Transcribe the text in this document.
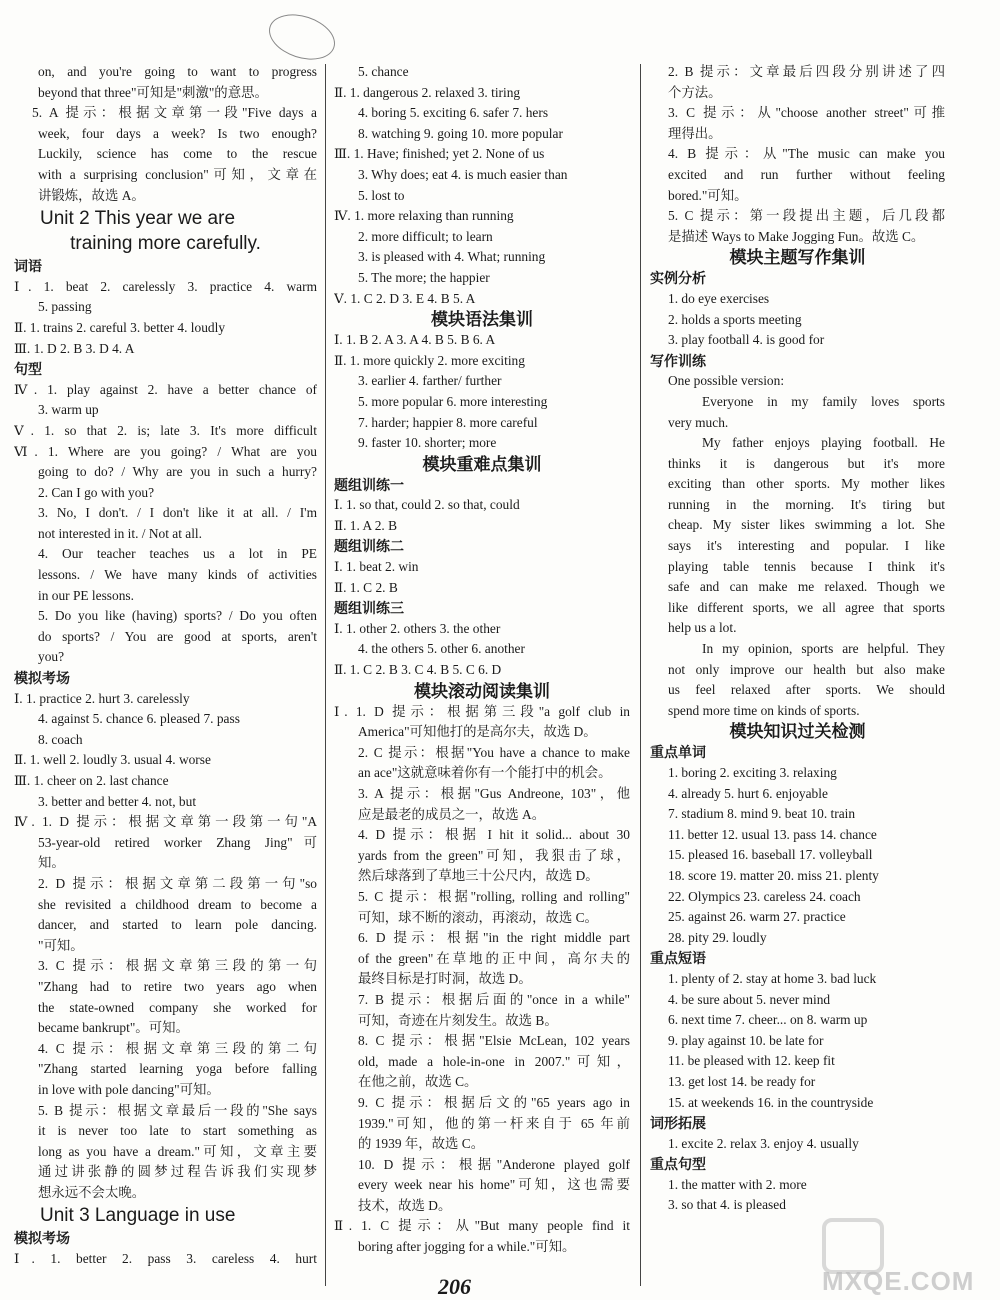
on, and you're going to want to progress
beyond that three"可知是"刺激"的意思。
5. A 提示：根据文章第一段"Five days a
week, four days a week? Is two enough?
Luckily, science has come to the rescue
with a surprising conclusion"可知，文章在
讲锻炼，故选 A。
Unit 2 This year we are
training more carefully.
词语
Ⅰ. 1. beat 2. carelessly 3. practice 4. warm
5. passing
Ⅱ. 1. trains 2. careful 3. better 4. loudly
Ⅲ. 1. D 2. B 3. D 4. A
句型
Ⅳ. 1. play against 2. have a better chance of
3. warm up
Ⅴ. 1. so that 2. is; late 3. It's more difficult
Ⅵ. 1. Where are you going? / What are you
going to do? / Why are you in such a hurry?
2. Can I go with you?
3. No, I don't. / I don't like it at all. / I'm
not interested in it. / Not at all.
4. Our teacher teaches us a lot in PE
lessons. / We have many kinds of activities
in our PE lessons.
5. Do you like (having) sports? / Do you often
do sports? / You are good at sports, aren't
you?
模拟考场
Ⅰ. 1. practice 2. hurt 3. carelessly
4. against 5. chance 6. pleased 7. pass
8. coach
Ⅱ. 1. well 2. loudly 3. usual 4. worse
Ⅲ. 1. cheer on 2. last chance
3. better and better 4. not, but
Ⅳ. 1. D 提示：根据文章第一段第一句"A
53-year-old retired worker Zhang Jing"可
知。
2. D 提示：根据文章第二段第一句"so
she revisited a childhood dream to become a
dancer, and started to learn pole dancing.
"可知。
3. C 提示：根据文章第三段的第一句
"Zhang had to retire two years ago when
the state-owned company she worked for
became bankrupt"。可知。
4. C 提示：根据文章第三段的第二句
"Zhang started learning yoga before falling
in love with pole dancing"可知。
5. B 提示：根据文章最后一段的"She says
it is never too late to start something as
long as you have a dream."可知，文章主要
通过讲张静的圆梦过程告诉我们实现梦
想永远不会太晚。
Unit 3 Language in use
模拟考场
Ⅰ. 1. better 2. pass 3. careless 4. hurt
5. chance
Ⅱ. 1. dangerous 2. relaxed 3. tiring
4. boring 5. exciting 6. safer 7. hers
8. watching 9. going 10. more popular
Ⅲ. 1. Have; finished; yet 2. None of us
3. Why does; eat 4. is much easier than
5. lost to
Ⅳ. 1. more relaxing than running
2. more difficult; to learn
3. is pleased with 4. What; running
5. The more; the happier
Ⅴ. 1. C 2. D 3. E 4. B 5. A
模块语法集训
Ⅰ. 1. B 2. A 3. A 4. B 5. B 6. A
Ⅱ. 1. more quickly 2. more exciting
3. earlier 4. farther/ further
5. more popular 6. more interesting
7. harder; happier 8. more careful
9. faster 10. shorter; more
模块重难点集训
题组训练一
Ⅰ. 1. so that, could 2. so that, could
Ⅱ. 1. A 2. B
题组训练二
Ⅰ. 1. beat 2. win
Ⅱ. 1. C 2. B
题组训练三
Ⅰ. 1. other 2. others 3. the other
4. the others 5. other 6. another
Ⅱ. 1. C 2. B 3. C 4. B 5. C 6. D
模块滚动阅读集训
Ⅰ. 1. D 提示：根据第三段"a golf club in
America"可知他打的是高尔夫，故选 D。
2. C 提示：根据"You have a chance to make
an ace"这就意味着你有一个能打中的机会。
3. A 提示：根据"Gus Andreone, 103"，他
应是最老的成员之一，故选 A。
4. D 提示：根据 I hit it solid... about 30
yards from the green"可知，我狠击了球，
然后球落到了草地三十公尺内，故选 D。
5. C 提示：根据"rolling, rolling and rolling"
可知，球不断的滚动，再滚动，故选 C。
6. D 提示：根据"in the right middle part
of the green"在草地的正中间，高尔夫的
最终目标是打时洞，故选 D。
7. B 提示：根据后面的"once in a while"
可知，奇迹在片刻发生。故选 B。
8. C 提示：根据"Elsie McLean, 102 years
old, made a hole-in-one in 2007."可知，
在他之前，故选 C。
9. C 提示：根据后文的"65 years ago in
1939."可知，他的第一杆来自于 65 年前
的 1939 年，故选 C。
10. D 提示：根据"Anderone played golf
every week near his home"可知，这也需要
技术，故选 D。
Ⅱ. 1. C 提示：从"But many people find it
boring after jogging for a while."可知。
2. B 提示：文章最后四段分别讲述了四
个方法。
3. C 提示：从"choose another street"可推
理得出。
4. B 提示：从"The music can make you
excited and run further without feeling
bored."可知。
5. C 提示：第一段提出主题，后几段都
是描述 Ways to Make Jogging Fun。故选 C。
模块主题写作集训
实例分析
1. do eye exercises
2. holds a sports meeting
3. play football 4. is good for
写作训练
One possible version:
Everyone in my family loves sports
very much.
My father enjoys playing football. He
thinks it is dangerous but it's more
exciting than other sports. My mother likes
running in the morning. It's tiring but
cheap. My sister likes swimming a lot. She
says it's interesting and popular. I like
playing table tennis because I think it's
safe and can make me relaxed. Though we
like different sports, we all agree that sports
help us a lot.
In my opinion, sports are helpful. They
not only improve our health but also make
us feel relaxed after sports. We should
spend more time on kinds of sports.
模块知识过关检测
重点单词
1. boring 2. exciting 3. relaxing
4. already 5. hurt 6. enjoyable
7. stadium 8. mind 9. beat 10. train
11. better 12. usual 13. pass 14. chance
15. pleased 16. baseball 17. volleyball
18. score 19. matter 20. miss 21. plenty
22. Olympics 23. careless 24. coach
25. against 26. warm 27. practice
28. pity 29. loudly
重点短语
1. plenty of 2. stay at home 3. bad luck
4. be sure about 5. never mind
6. next time 7. cheer... on 8. warm up
9. play against 10. be late for
11. be pleased with 12. keep fit
13. get lost 14. be ready for
15. at weekends 16. in the countryside
词形拓展
1. excite 2. relax 3. enjoy 4. usually
重点句型
1. the matter with 2. more
3. so that 4. is pleased
206	MXQE.COM
